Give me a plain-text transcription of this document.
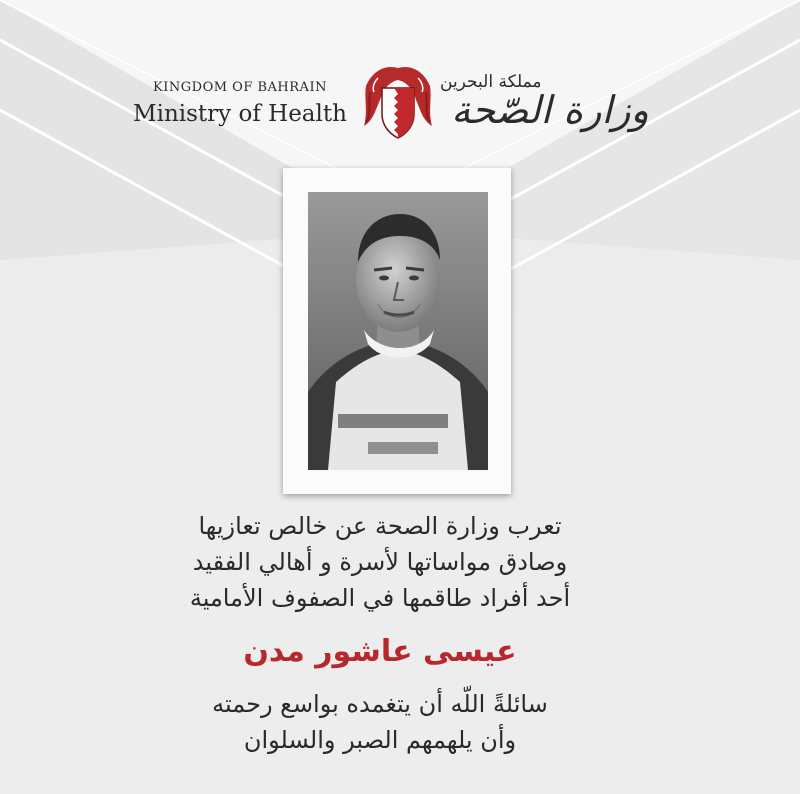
KINGDOM OF BAHRAIN
Ministry of Health
مملكة البحرين
وزارة الصّحة
تعرب وزارة الصحة عن خالص تعازيها
وصادق مواساتها لأسرة و أهالي الفقيد
أحد أفراد طاقمها في الصفوف الأمامية
عيسى عاشور مدن
سائلةً اللّه أن يتغمده بواسع رحمته
وأن يلهمهم الصبر والسلوان
